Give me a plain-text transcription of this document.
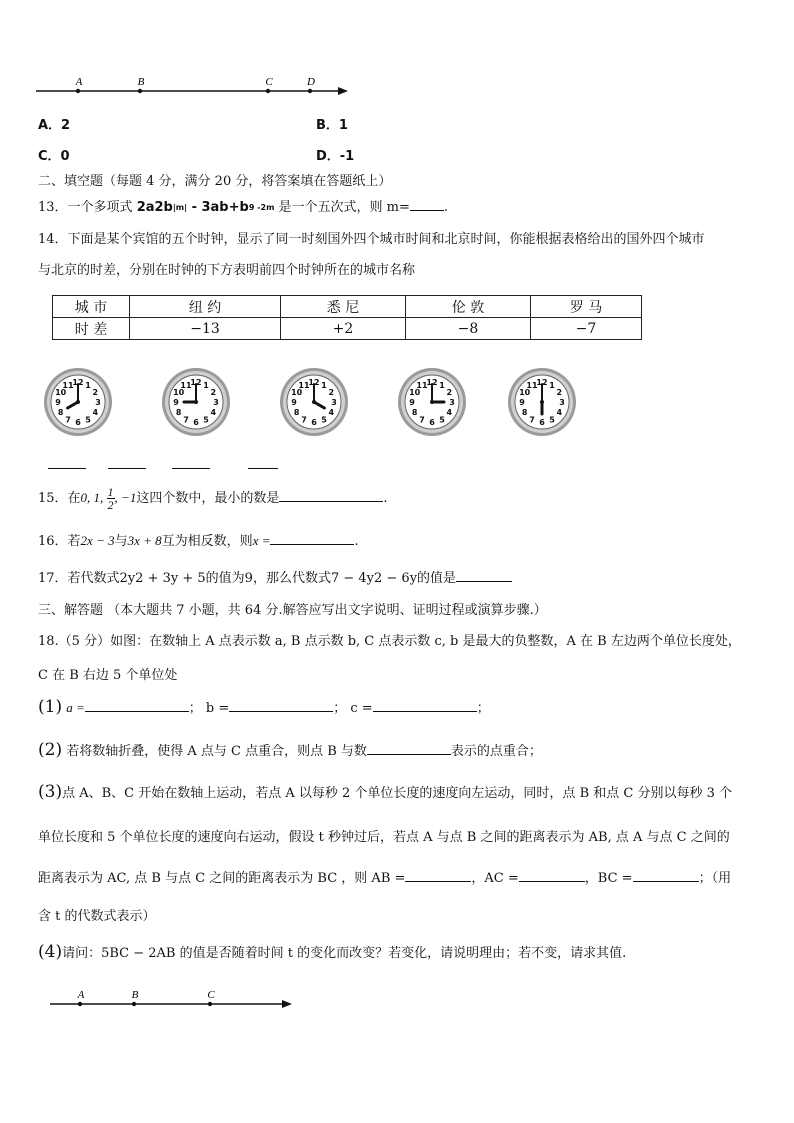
A	B	C	D
A．2	B．1
C．0	D．-1
二、填空题（每题 4 分，满分 20 分，将答案填在答题纸上）
13．一个多项式 2a2b|m| - 3ab+b9 -2m 是一个五次式，则 m=	.
14．下面是某个宾馆的五个时钟，显示了同一时刻国外四个城市时间和北京时间，你能根据表格给出的国外四个城市
与北京的时差，分别在时钟的下方表明前四个时钟所在的城市名称
城 市	纽 约	悉 尼	伦 敦	罗 马
时 差	−13	+2	−8	−7
1
2
3
4
5
6
7
8
9
10
11
12	1
2
3
4
5
6
7
8
9
10
11
12	1
2
3
4
5
6
7
8
9
10
11
12	1
2
3
4
5
6
7
8
9
10
11
12	1
2
3
4
5
6
7
8
9
10
11
12
15．在0, 1, $\frac{1}{2}$ , −1这四个数中，最小的数是	.
16．若2x − 3与3x + 8互为相反数，则x =	.
17．若代数式2y2 + 3y + 5的值为9，那么代数式7 − 4y2 − 6y的值是
三、解答题 （本大题共 7 小题，共 64 分.解答应写出文字说明、证明过程或演算步骤.）
18.（5 分）如图：在数轴上 A 点表示数 a, B 点示数 b, C 点表示数 c, b 是最大的负整数，A 在 B 左边两个单位长度处，
C 在 B 右边 5 个单位处
(1) a =	； b =	； c =	；
(2) 若将数轴折叠，使得 A 点与 C 点重合，则点 B 与数	表示的点重合；
(3)点 A、B、C 开始在数轴上运动，若点 A 以每秒 2 个单位长度的速度向左运动，同时，点 B 和点 C 分别以每秒 3 个
单位长度和 5 个单位长度的速度向右运动，假设 t 秒钟过后，若点 A 与点 B 之间的距离表示为 AB, 点 A 与点 C 之间的
距离表示为 AC, 点 B 与点 C 之间的距离表示为 BC ，则 AB =	，AC =	，BC =	；（用
含 t 的代数式表示）
(4)请问：5BC − 2AB 的值是否随着时间 t 的变化而改变？若变化，请说明理由；若不变，请求其值.
A	B	C
